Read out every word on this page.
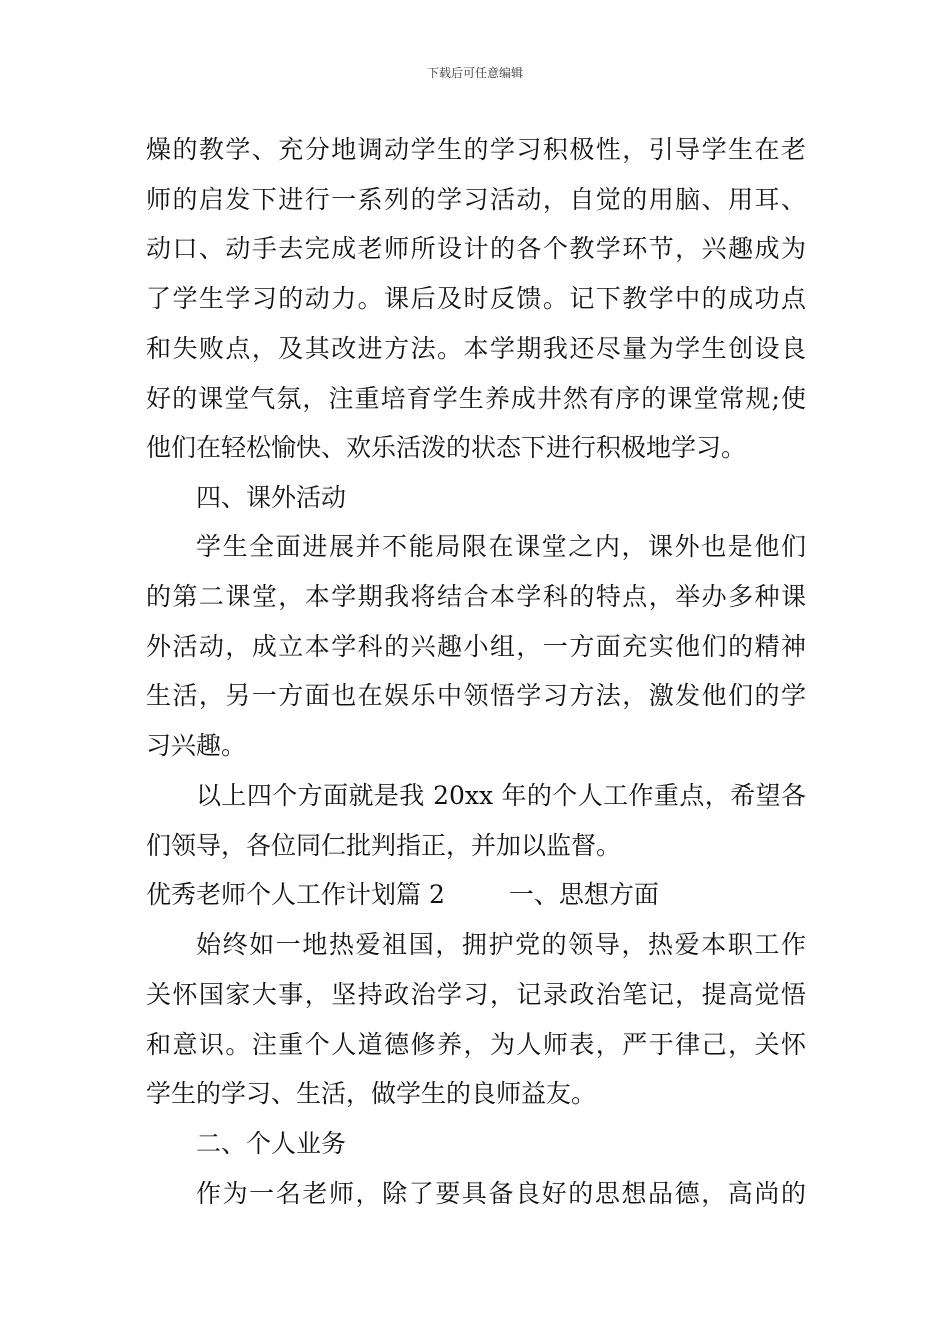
下载后可任意编辑
燥的教学、充分地调动学生的学习积极性，引导学生在老
师的启发下进行一系列的学习活动，自觉的用脑、用耳、
动口、动手去完成老师所设计的各个教学环节，兴趣成为
了学生学习的动力。课后及时反馈。记下教学中的成功点
和失败点，及其改进方法。本学期我还尽量为学生创设良
好的课堂气氛，注重培育学生养成井然有序的课堂常规;使
他们在轻松愉快、欢乐活泼的状态下进行积极地学习。
四、课外活动
学生全面进展并不能局限在课堂之内，课外也是他们
的第二课堂，本学期我将结合本学科的特点，举办多种课
外活动，成立本学科的兴趣小组，一方面充实他们的精神
生活，另一方面也在娱乐中领悟学习方法，激发他们的学
习兴趣。
以上四个方面就是我 20xx 年的个人工作重点，希望各
们领导，各位同仁批判指正，并加以监督。
优秀老师个人工作计划篇 2	一、思想方面
始终如一地热爱祖国，拥护党的领导，热爱本职工作
关怀国家大事，坚持政治学习，记录政治笔记，提高觉悟
和意识。注重个人道德修养，为人师表，严于律己，关怀
学生的学习、生活，做学生的良师益友。
二、个人业务
作为一名老师，除了要具备良好的思想品德，高尚的
